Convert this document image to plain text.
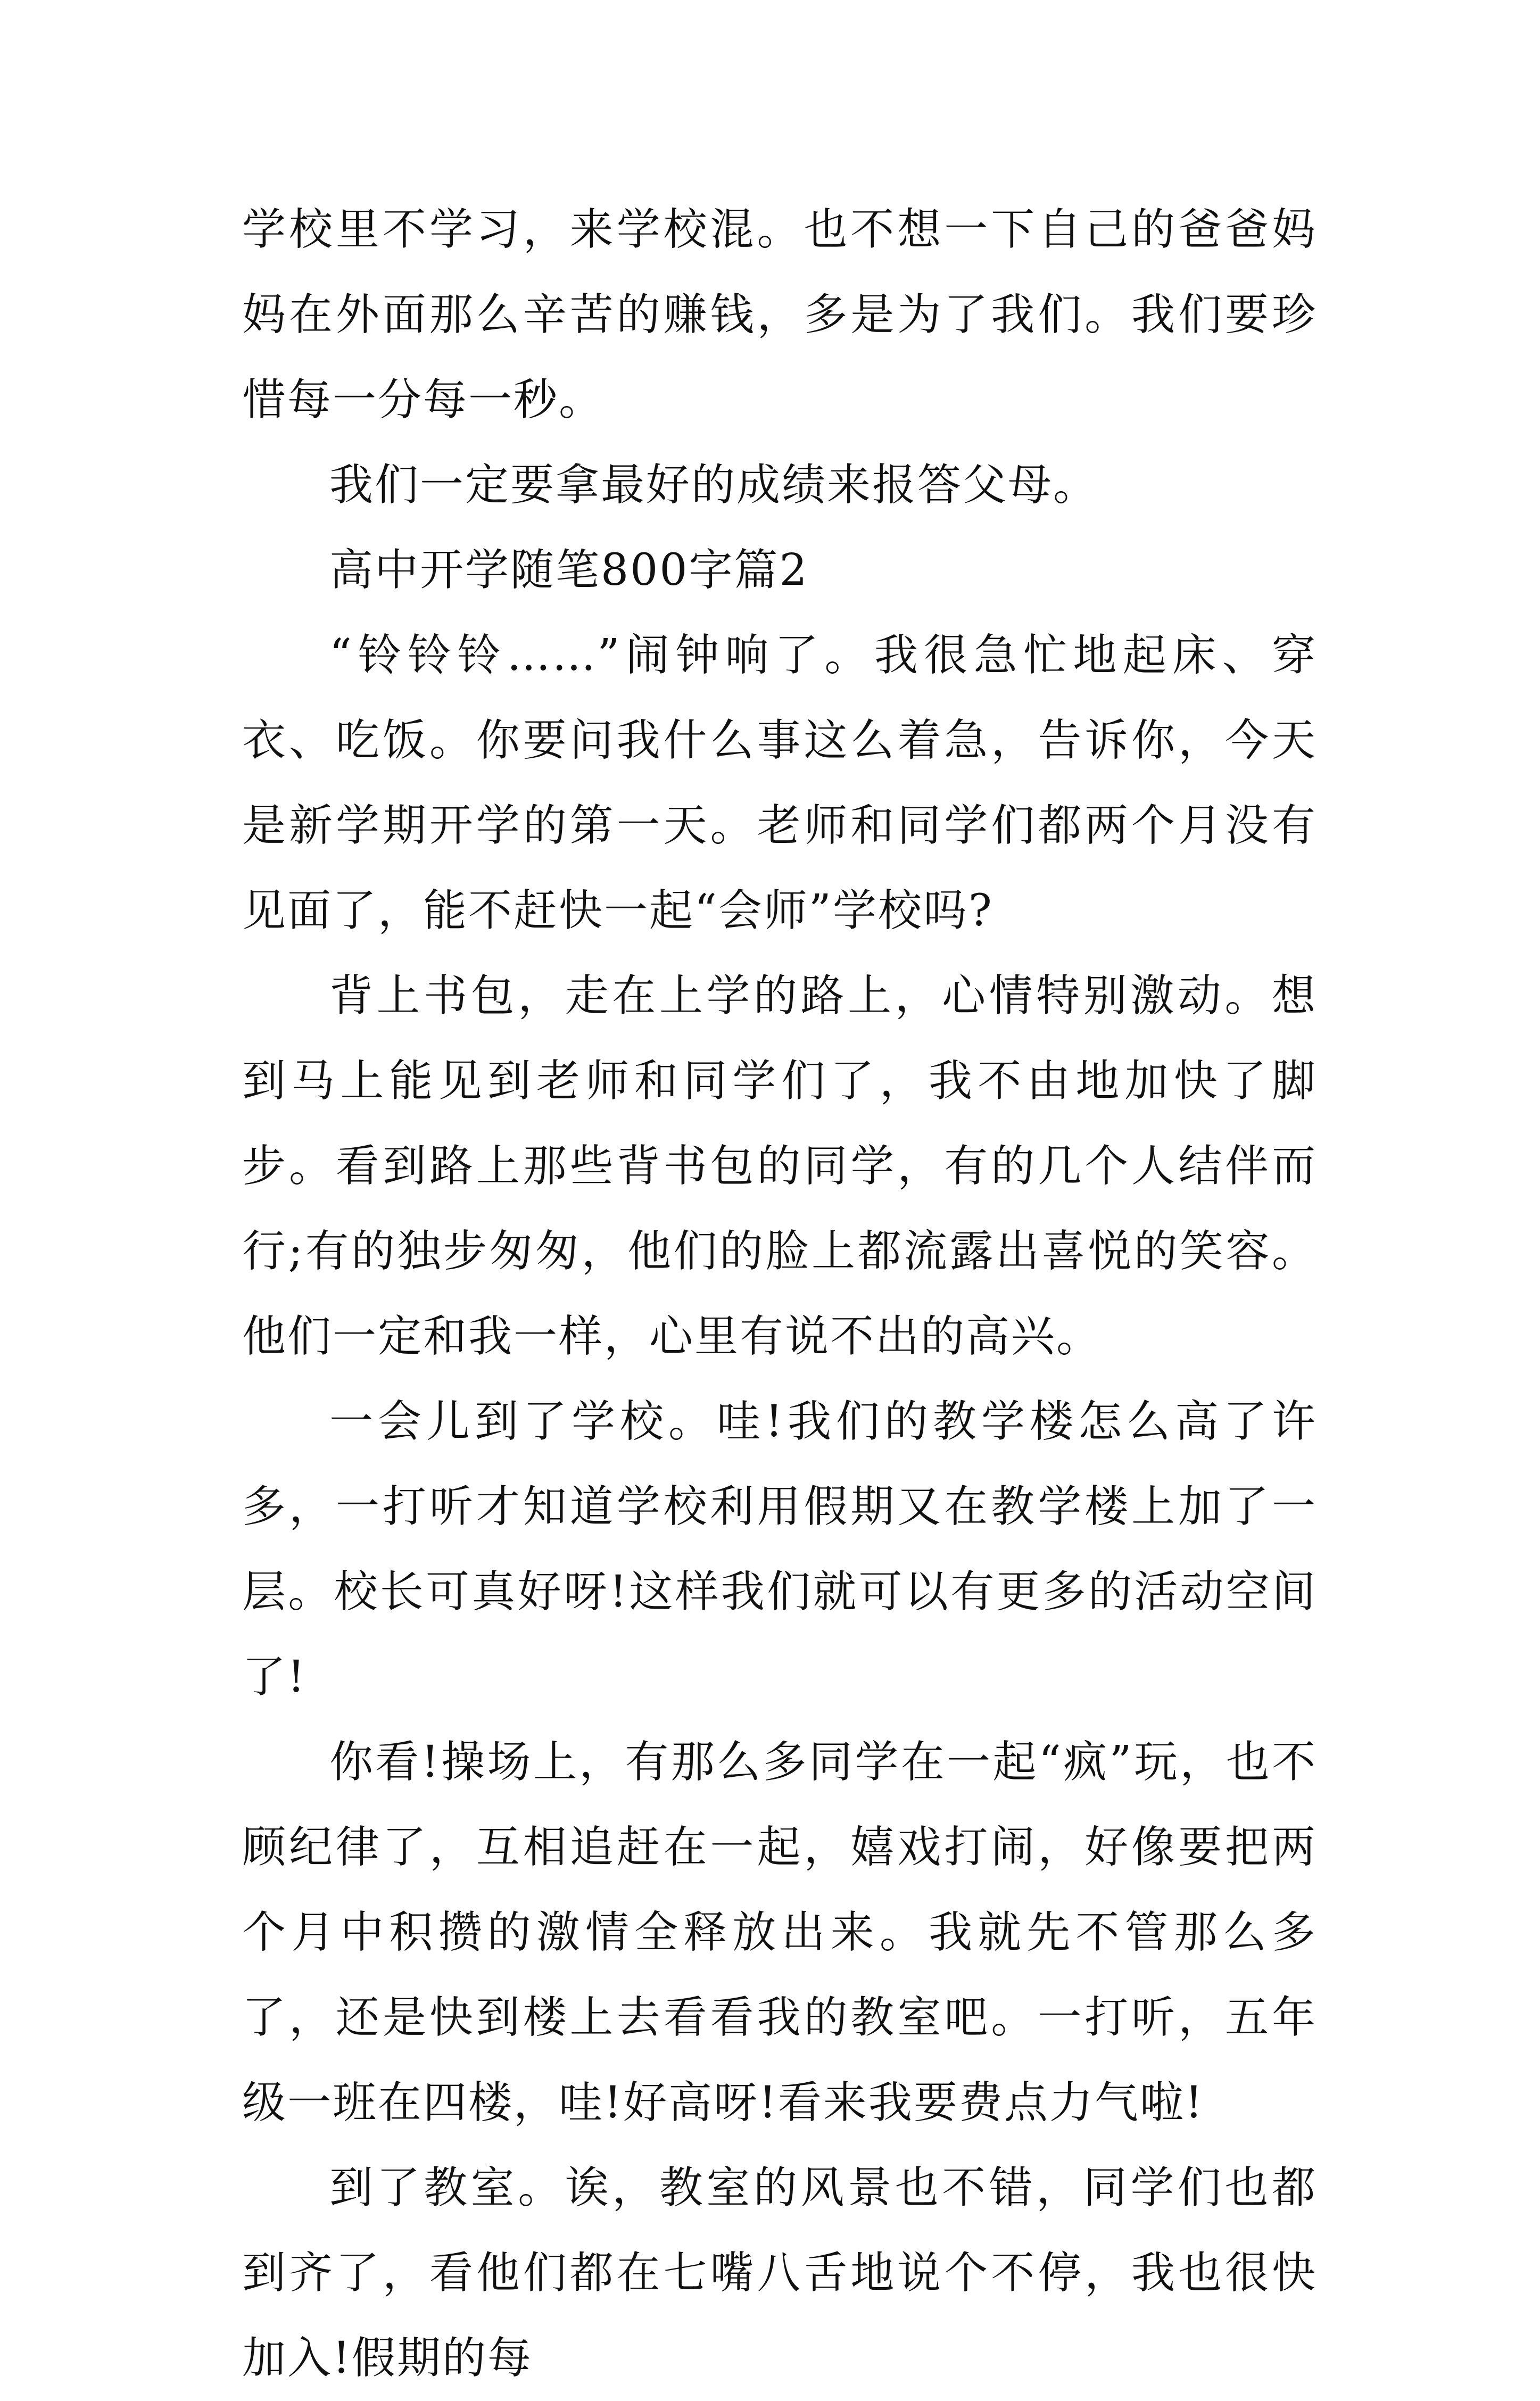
学校里不学习，来学校混。也不想一下自己的爸爸妈妈在外面那么辛苦的赚钱，多是为了我们。我们要珍惜每一分每一秒。

我们一定要拿最好的成绩来报答父母。

高中开学随笔800字篇2

“铃铃铃……”闹钟响了。我很急忙地起床、穿衣、吃饭。你要问我什么事这么着急，告诉你，今天是新学期开学的第一天。老师和同学们都两个月没有见面了，能不赶快一起“会师”学校吗?

背上书包，走在上学的路上，心情特别激动。想到马上能见到老师和同学们了，我不由地加快了脚步。看到路上那些背书包的同学，有的几个人结伴而行;有的独步匆匆，他们的脸上都流露出喜悦的笑容。他们一定和我一样，心里有说不出的高兴。

一会儿到了学校。哇!我们的教学楼怎么高了许多，一打听才知道学校利用假期又在教学楼上加了一层。校长可真好呀!这样我们就可以有更多的活动空间了!

你看!操场上，有那么多同学在一起“疯”玩，也不顾纪律了，互相追赶在一起，嬉戏打闹，好像要把两个月中积攒的激情全释放出来。我就先不管那么多了，还是快到楼上去看看我的教室吧。一打听，五年级一班在四楼，哇!好高呀!看来我要费点力气啦!

到了教室。诶，教室的风景也不错，同学们也都到齐了，看他们都在七嘴八舌地说个不停，我也很快加入!假期的每
